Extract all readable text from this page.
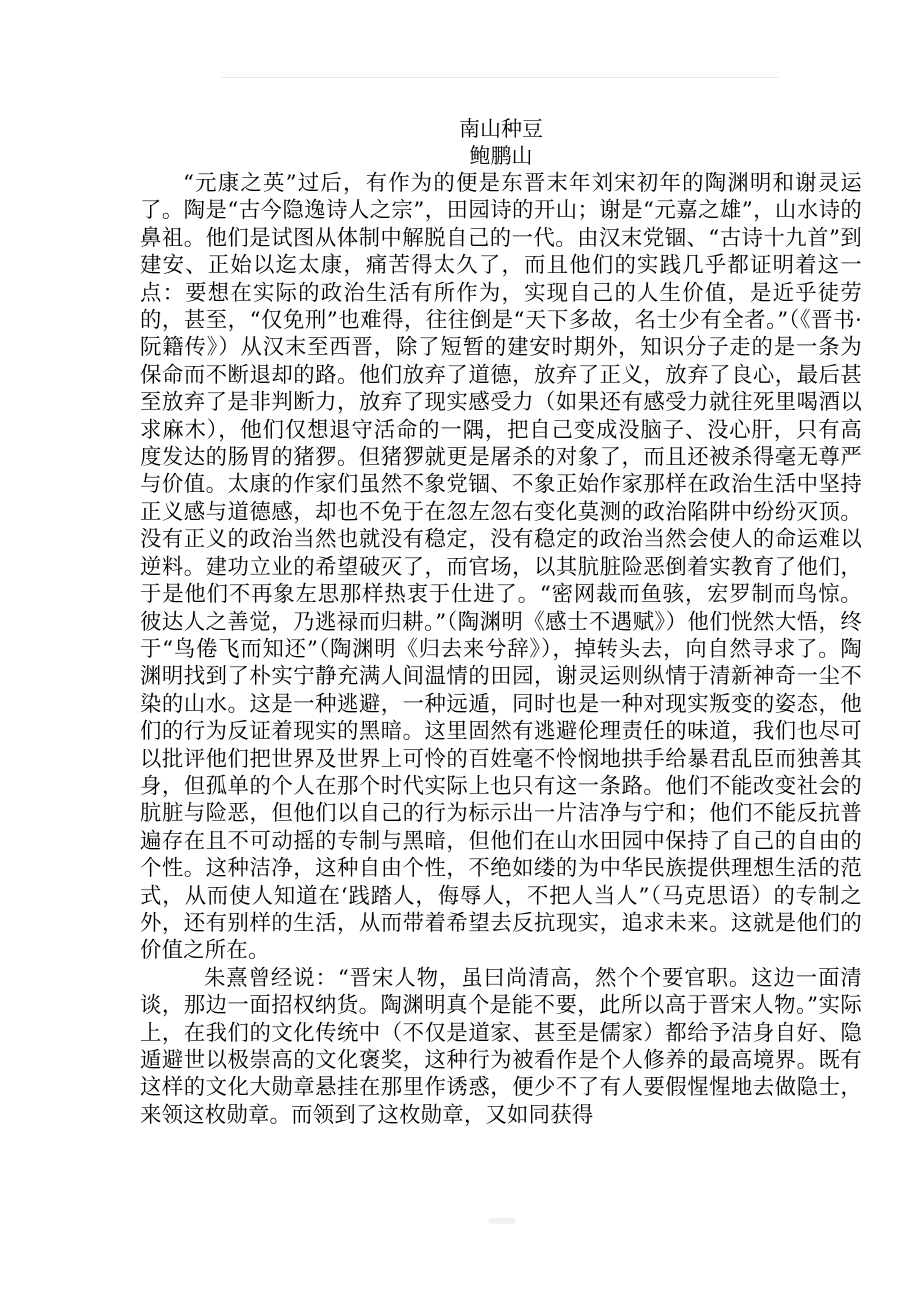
南山种豆

鲍鹏山

“元康之英”过后，有作为的便是东晋末年刘宋初年的陶渊明和谢灵运了。陶是“古今隐逸诗人之宗”，田园诗的开山；谢是“元嘉之雄”，山水诗的鼻祖。他们是试图从体制中解脱自己的一代。由汉末党锢、“古诗十九首”到建安、正始以迄太康，痛苦得太久了，而且他们的实践几乎都证明着这一点：要想在实际的政治生活有所作为，实现自己的人生价值，是近乎徒劳的，甚至，“仅免刑”也难得，往往倒是“天下多故，名士少有全者。”（《晋书·阮籍传》）从汉末至西晋，除了短暂的建安时期外，知识分子走的是一条为保命而不断退却的路。他们放弃了道德，放弃了正义，放弃了良心，最后甚至放弃了是非判断力，放弃了现实感受力（如果还有感受力就往死里喝酒以求麻木），他们仅想退守活命的一隅，把自己变成没脑子、没心肝，只有高度发达的肠胃的猪猡。但猪猡就更是屠杀的对象了，而且还被杀得毫无尊严与价值。太康的作家们虽然不象党锢、不象正始作家那样在政治生活中坚持正义感与道德感，却也不免于在忽左忽右变化莫测的政治陷阱中纷纷灭顶。没有正义的政治当然也就没有稳定，没有稳定的政治当然会使人的命运难以逆料。建功立业的希望破灭了，而官场，以其肮脏险恶倒着实教育了他们，于是他们不再象左思那样热衷于仕进了。“密网裁而鱼骇，宏罗制而鸟惊。彼达人之善觉，乃逃禄而归耕。”（陶渊明《感士不遇赋》）他们恍然大悟，终于“鸟倦飞而知还”（陶渊明《归去来兮辞》），掉转头去，向自然寻求了。陶渊明找到了朴实宁静充满人间温情的田园，谢灵运则纵情于清新神奇一尘不染的山水。这是一种逃避，一种远遁，同时也是一种对现实叛变的姿态，他们的行为反证着现实的黑暗。这里固然有逃避伦理责任的味道，我们也尽可以批评他们把世界及世界上可怜的百姓毫不怜悯地拱手给暴君乱臣而独善其身，但孤单的个人在那个时代实际上也只有这一条路。他们不能改变社会的肮脏与险恶，但他们以自己的行为标示出一片洁净与宁和；他们不能反抗普遍存在且不可动摇的专制与黑暗，但他们在山水田园中保持了自己的自由的个性。这种洁净，这种自由个性，不绝如缕的为中华民族提供理想生活的范式，从而使人知道在‘践踏人，侮辱人，不把人当人”（马克思语）的专制之外，还有别样的生活，从而带着希望去反抗现实，追求未来。这就是他们的价值之所在。

朱熹曾经说：“晋宋人物，虽曰尚清高，然个个要官职。这边一面清谈，那边一面招权纳货。陶渊明真个是能不要，此所以高于晋宋人物。”实际上，在我们的文化传统中（不仅是道家、甚至是儒家）都给予洁身自好、隐遁避世以极崇高的文化褒奖，这种行为被看作是个人修养的最高境界。既有这样的文化大勋章悬挂在那里作诱惑，便少不了有人要假惺惺地去做隐士，来领这枚勋章。而领到了这枚勋章，又如同获得
